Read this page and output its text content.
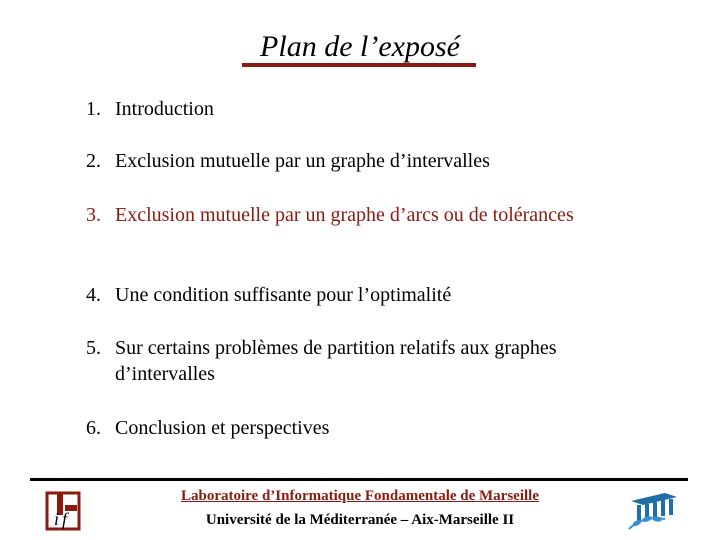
Plan de l’exposé
1. Introduction
2. Exclusion mutuelle par un graphe d’intervalles
3. Exclusion mutuelle par un graphe d’arcs ou de tolérances
4. Une condition suffisante pour l’optimalité
5. Sur certains problèmes de partition relatifs aux graphes d’intervalles
6. Conclusion et perspectives
i f
Laboratoire d’Informatique Fondamentale de Marseille
Université de la Méditerranée – Aix-Marseille II
